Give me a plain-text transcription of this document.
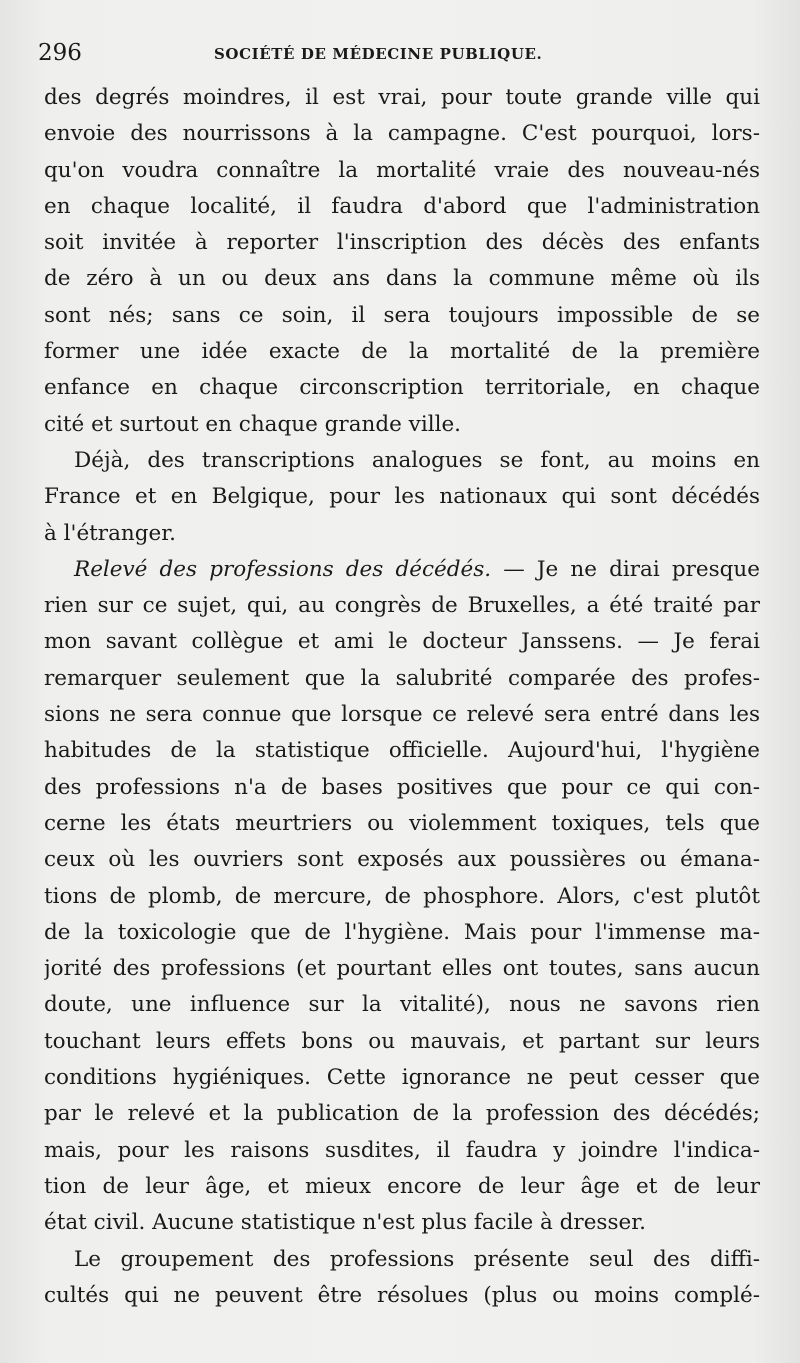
296	SOCIÉTÉ DE MÉDECINE PUBLIQUE.
des degrés moindres, il est vrai, pour toute grande ville qui
envoie des nourrissons à la campagne. C'est pourquoi, lors-
qu'on voudra connaître la mortalité vraie des nouveau-nés
en chaque localité, il faudra d'abord que l'administration
soit invitée à reporter l'inscription des décès des enfants
de zéro à un ou deux ans dans la commune même où ils
sont nés; sans ce soin, il sera toujours impossible de se
former une idée exacte de la mortalité de la première
enfance en chaque circonscription territoriale, en chaque
cité et surtout en chaque grande ville.
Déjà, des transcriptions analogues se font, au moins en
France et en Belgique, pour les nationaux qui sont décédés
à l'étranger.
Relevé des professions des décédés. — Je ne dirai presque
rien sur ce sujet, qui, au congrès de Bruxelles, a été traité par
mon savant collègue et ami le docteur Janssens. — Je ferai
remarquer seulement que la salubrité comparée des profes-
sions ne sera connue que lorsque ce relevé sera entré dans les
habitudes de la statistique officielle. Aujourd'hui, l'hygiène
des professions n'a de bases positives que pour ce qui con-
cerne les états meurtriers ou violemment toxiques, tels que
ceux où les ouvriers sont exposés aux poussières ou émana-
tions de plomb, de mercure, de phosphore. Alors, c'est plutôt
de la toxicologie que de l'hygiène. Mais pour l'immense ma-
jorité des professions (et pourtant elles ont toutes, sans aucun
doute, une influence sur la vitalité), nous ne savons rien
touchant leurs effets bons ou mauvais, et partant sur leurs
conditions hygiéniques. Cette ignorance ne peut cesser que
par le relevé et la publication de la profession des décédés;
mais, pour les raisons susdites, il faudra y joindre l'indica-
tion de leur âge, et mieux encore de leur âge et de leur
état civil. Aucune statistique n'est plus facile à dresser.
Le groupement des professions présente seul des diffi-
cultés qui ne peuvent être résolues (plus ou moins complé-
